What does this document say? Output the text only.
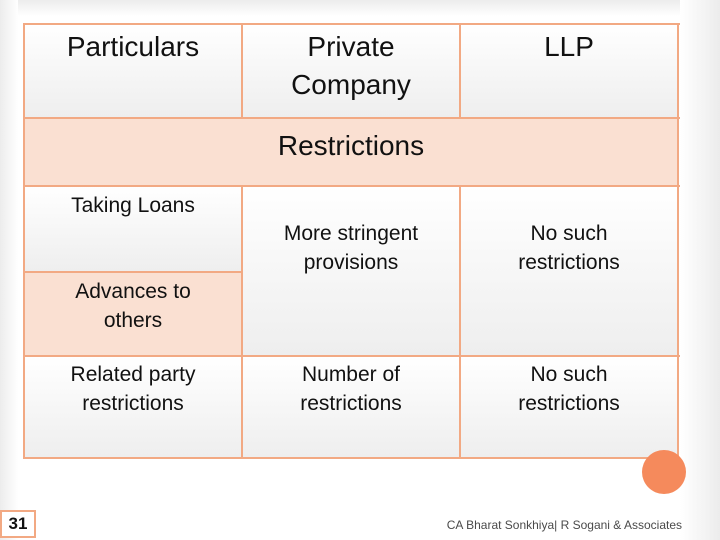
Particulars	Private Company
LLP
Restrictions
Taking Loans
Advances to others
More stringent provisions
No such restrictions
Related party restrictions
Number of restrictions
No such restrictions
31	CA Bharat Sonkhiya| R Sogani & Associates
